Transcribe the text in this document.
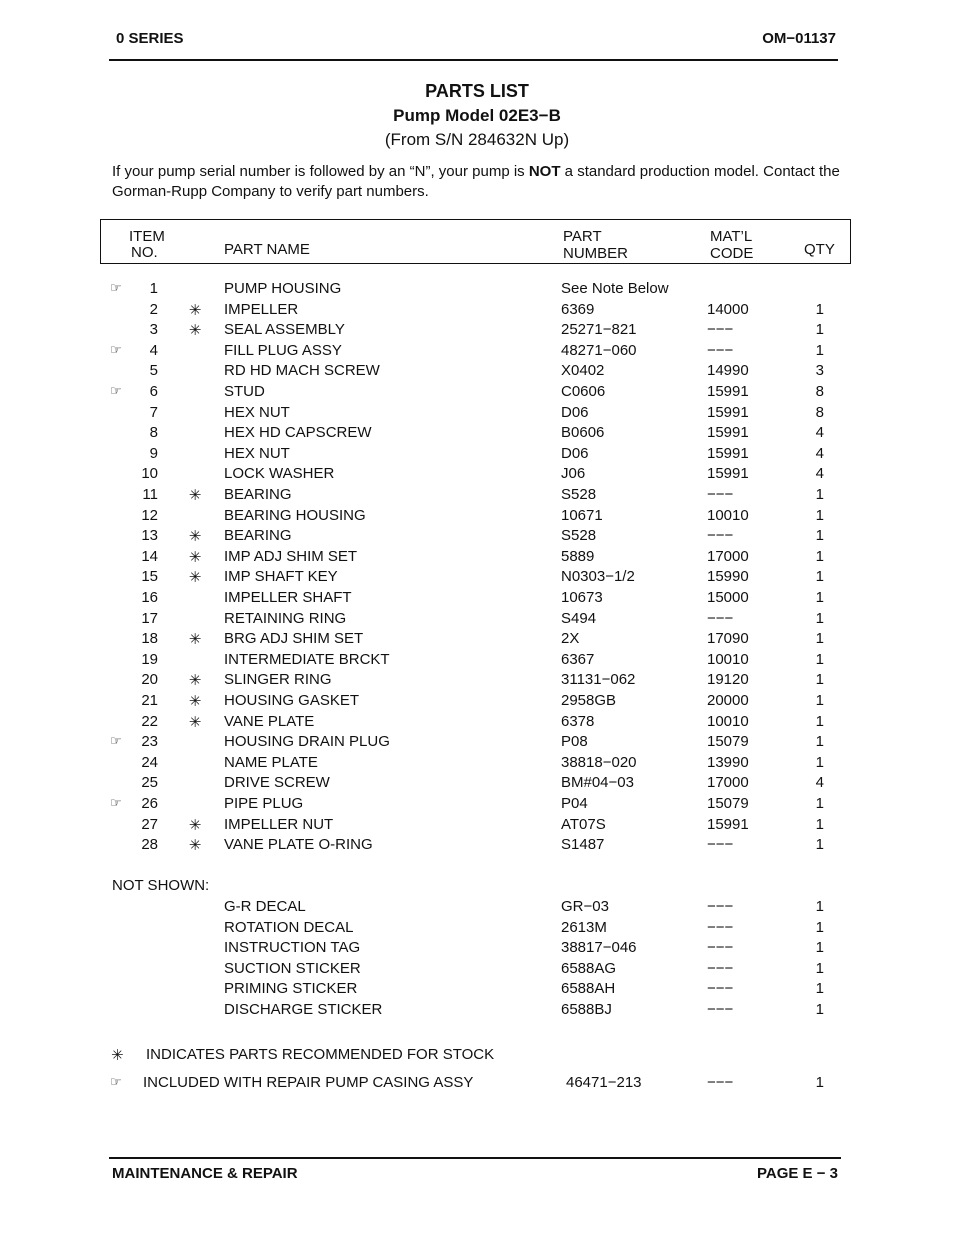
0 SERIES	OM−01137
PARTS LIST
Pump Model 02E3−B
(From S/N 284632N Up)
If your pump serial number is followed by an “N”, your pump is NOT a standard production model. Contact the Gorman-Rupp Company to verify part numbers.
ITEM
NO.	PART NAME
PART
NUMBER
MAT’L
CODE	QTY
☞	1	PUMP HOUSING	See Note Below
2 ✳ IMPELLER	6369	14000	1
3 ✳ SEAL ASSEMBLY	25271−821	−−−	1
☞	4	FILL PLUG ASSY	48271−060	−−−	1
5	RD HD MACH SCREW	X0402	14990	3
☞	6	STUD	C0606	15991	8
7	HEX NUT	D06	15991	8
8	HEX HD CAPSCREW	B0606	15991	4
9	HEX NUT	D06	15991	4
10	LOCK WASHER	J06	15991	4
11 ✳ BEARING	S528	−−−	1
12	BEARING HOUSING	10671	10010	1
13 ✳ BEARING	S528	−−−	1
14 ✳ IMP ADJ SHIM SET	5889	17000	1
15 ✳ IMP SHAFT KEY	N0303−1/2	15990	1
16	IMPELLER SHAFT	10673	15000	1
17	RETAINING RING	S494	−−−	1
18 ✳ BRG ADJ SHIM SET	2X	17090	1
19	INTERMEDIATE BRCKT	6367	10010	1
20 ✳ SLINGER RING	31131−062	19120	1
21 ✳ HOUSING GASKET	2958GB	20000	1
22 ✳ VANE PLATE	6378	10010	1
☞	23	HOUSING DRAIN PLUG	P08	15079	1
24	NAME PLATE	38818−020	13990	1
25	DRIVE SCREW	BM#04−03	17000	4
☞	26	PIPE PLUG	P04	15079	1
27 ✳ IMPELLER NUT	AT07S	15991	1
28 ✳ VANE PLATE O-RING	S1487	−−−	1
NOT SHOWN:
G-R DECAL	GR−03	−−−	1
ROTATION DECAL	2613M	−−−	1
INSTRUCTION TAG	38817−046	−−−	1
SUCTION STICKER	6588AG	−−−	1
PRIMING STICKER	6588AH	−−−	1
DISCHARGE STICKER	6588BJ	−−−	1
✳ INDICATES PARTS RECOMMENDED FOR STOCK
☞ INCLUDED WITH REPAIR PUMP CASING ASSY	46471−213	−−−	1
MAINTENANCE & REPAIR	PAGE E − 3
